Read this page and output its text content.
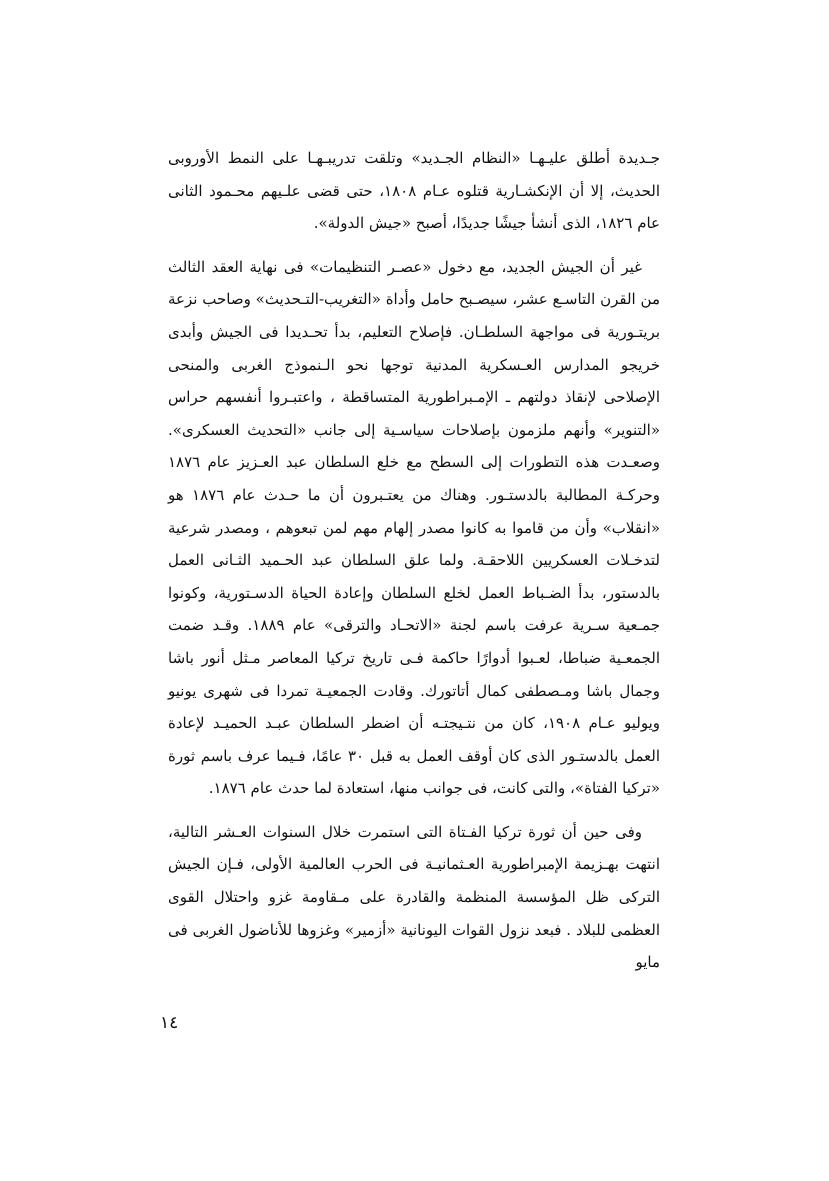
جـديدة أطلق عليـهـا «النظام الجـديد» وتلقت تدريبـهـا على النمط الأوروبى الحديث، إلا أن الإنكشـارية قتلوه عـام ١٨٠٨، حتى قضى علـيهم محـمود الثانى عام ١٨٢٦، الذى أنشأ جيشًا جديدًا، أصبح «جيش الدولة».

غير أن الجيش الجديد، مع دخول «عصـر التنظيمات» فى نهاية العقد الثالث من القرن التاسـع عشر، سيصـبح حامل وأداة «التغريب-التـحديث» وصاحب نزعة بريتـورية فى مواجهة السلطـان. فإصلاح التعليم، بدأ تحـديدا فى الجيش وأبدى خريجو المدارس العـسكرية المدنية توجها نحو الـنموذج الغربى والمنحى الإصلاحى لإنقاذ دولتهم ـ الإمـبراطورية المتساقطة ، واعتبـروا أنفسهم حراس «التنوير» وأنهم ملزمون بإصلاحات سياسـية إلى جانب «التحديث العسكرى». وصعـدت هذه التطورات إلى السطح مع خلع السلطان عبد العـزيز عام ١٨٧٦ وحركـة المطالبة بالدستـور. وهناك من يعتـبرون أن ما حـدث عام ١٨٧٦ هو «انقلاب» وأن من قاموا به كانوا مصدر إلهام مهم لمن تبعوهم ، ومصدر شرعية لتدخـلات العسكريين اللاحقـة. ولما علق السلطان عبد الحـميد الثـانى العمل بالدستور، بدأ الضـباط العمل لخلع السلطان وإعادة الحياة الدسـتورية، وكونوا جمـعية سـرية عرفت باسم لجنة «الاتحـاد والترقى» عام ١٨٨٩. وقـد ضمت الجمعـية ضباطا، لعـبوا أدوارًا حاكمة فـى تاريخ تركيا المعاصر مـثل أنور باشا وجمال باشا ومـصطفى كمال أتاتورك. وقادت الجمعيـة تمردا فى شهرى يونيو ويوليو عـام ١٩٠٨، كان من نتـيجتـه أن اضطر السلطان عبـد الحميـد لإعادة العمل بالدستـور الذى كان أوقف العمل به قبل ٣٠ عامًا، فـيما عرف باسم ثورة «تركيا الفتاة»، والتى كانت، فى جوانب منها، استعادة لما حدث عام ١٨٧٦.

وفى حين أن ثورة تركيا الفـتاة التى استمرت خلال السنوات العـشر التالية، انتهت بهـزيمة الإمبراطورية العـثمانيـة فى الحرب العالمية الأولى، فـإن الجيش التركى ظل المؤسسة المنظمة والقادرة على مـقاومة غزو واحتلال القوى العظمى للبلاد . فبعد نزول القوات اليونانية «أزمير» وغزوها للأناضول الغربى فى مايو

١٤
